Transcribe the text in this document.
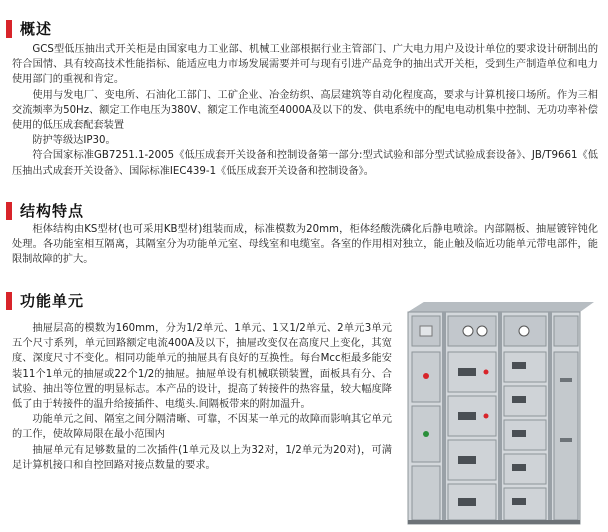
概述

GCS型低压抽出式开关柜是由国家电力工业部、机械工业部根据行业主管部门、广大电力用户及设计单位的要求设计研制出的符合国情、具有较高技术性能指标、能适应电力市场发展需要并可与现有引进产品竞争的抽出式开关柜，受到生产制造单位和电力使用部门的重视和肯定。

使用与发电厂、变电所、石油化工部门、工矿企业、冶金纺织、高层建筑等自动化程度高，要求与计算机接口场所。作为三相交流频率为50Hz、额定工作电压为380V、额定工作电流至4000A及以下的发、供电系统中的配电电动机集中控制、无功功率补偿使用的低压成套配套装置

防护等级达IP30。

符合国家标准GB7251.1-2005《低压成套开关设备和控制设备第一部分:型式试验和部分型式试验成套设备》、JB/T9661《低压抽出式成套开关设备》、国际标准IEC439-1《低压成套开关设备和控制设备》。

结构特点

柜体结构由KS型材(也可采用KB型材)组装而成，标准模数为20mm，柜体经酸洗磷化后静电喷涂。内部隔板、抽屉镀锌钝化处理。各功能室相互隔离，其隔室分为功能单元室、母线室和电缆室。各室的作用相对独立，能止触及临近功能单元带电部件，能限制故障的扩大。

功能单元

抽屉层高的模数为160mm，分为1/2单元、1单元、1又1/2单元、2单元3单元五个尺寸系列，单元回路额定电流400A及以下，抽屉改变仅在高度尺上变化，其宽度、深度尺寸不变化。相同功能单元的抽屉具有良好的互换性。每台Mcc柜最多能安装11个1单元的抽屉或22个1/2的抽屉。抽屉单设有机械联锁装置，面板具有分、合试验、抽出等位置的明显标志。本产品的设计，提高了转接件的热容量，较大幅度降低了由于转接件的温升给接插件、电缆头.间隔板带来的附加温升。

功能单元之间、隔室之间分隔清晰、可靠，不因某一单元的故障而影响其它单元的工作，使故障局限在最小范围内

抽屉单元有足够数量的二次插件(1单元及以上为32对，1/2单元为20对)，可满足计算机接口和自控回路对接点数量的要求。
